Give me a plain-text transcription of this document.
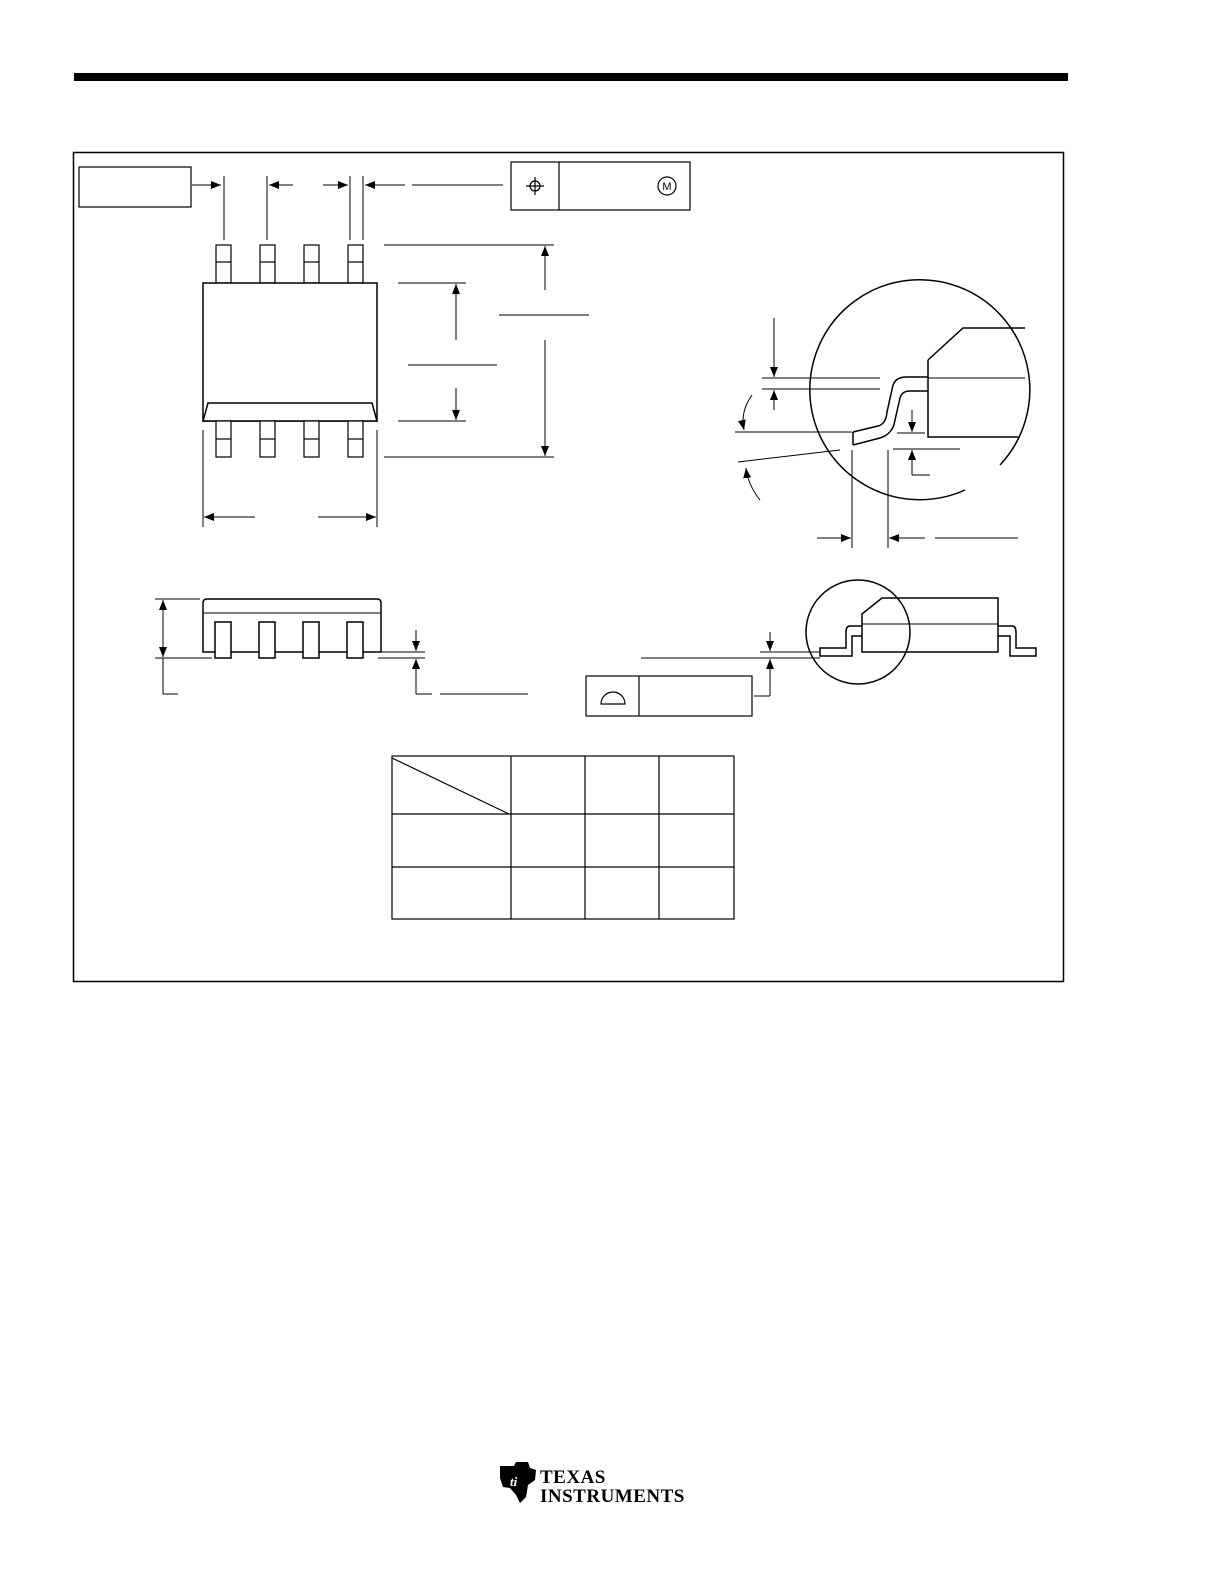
M
ti TEXAS
INSTRUMENTS
